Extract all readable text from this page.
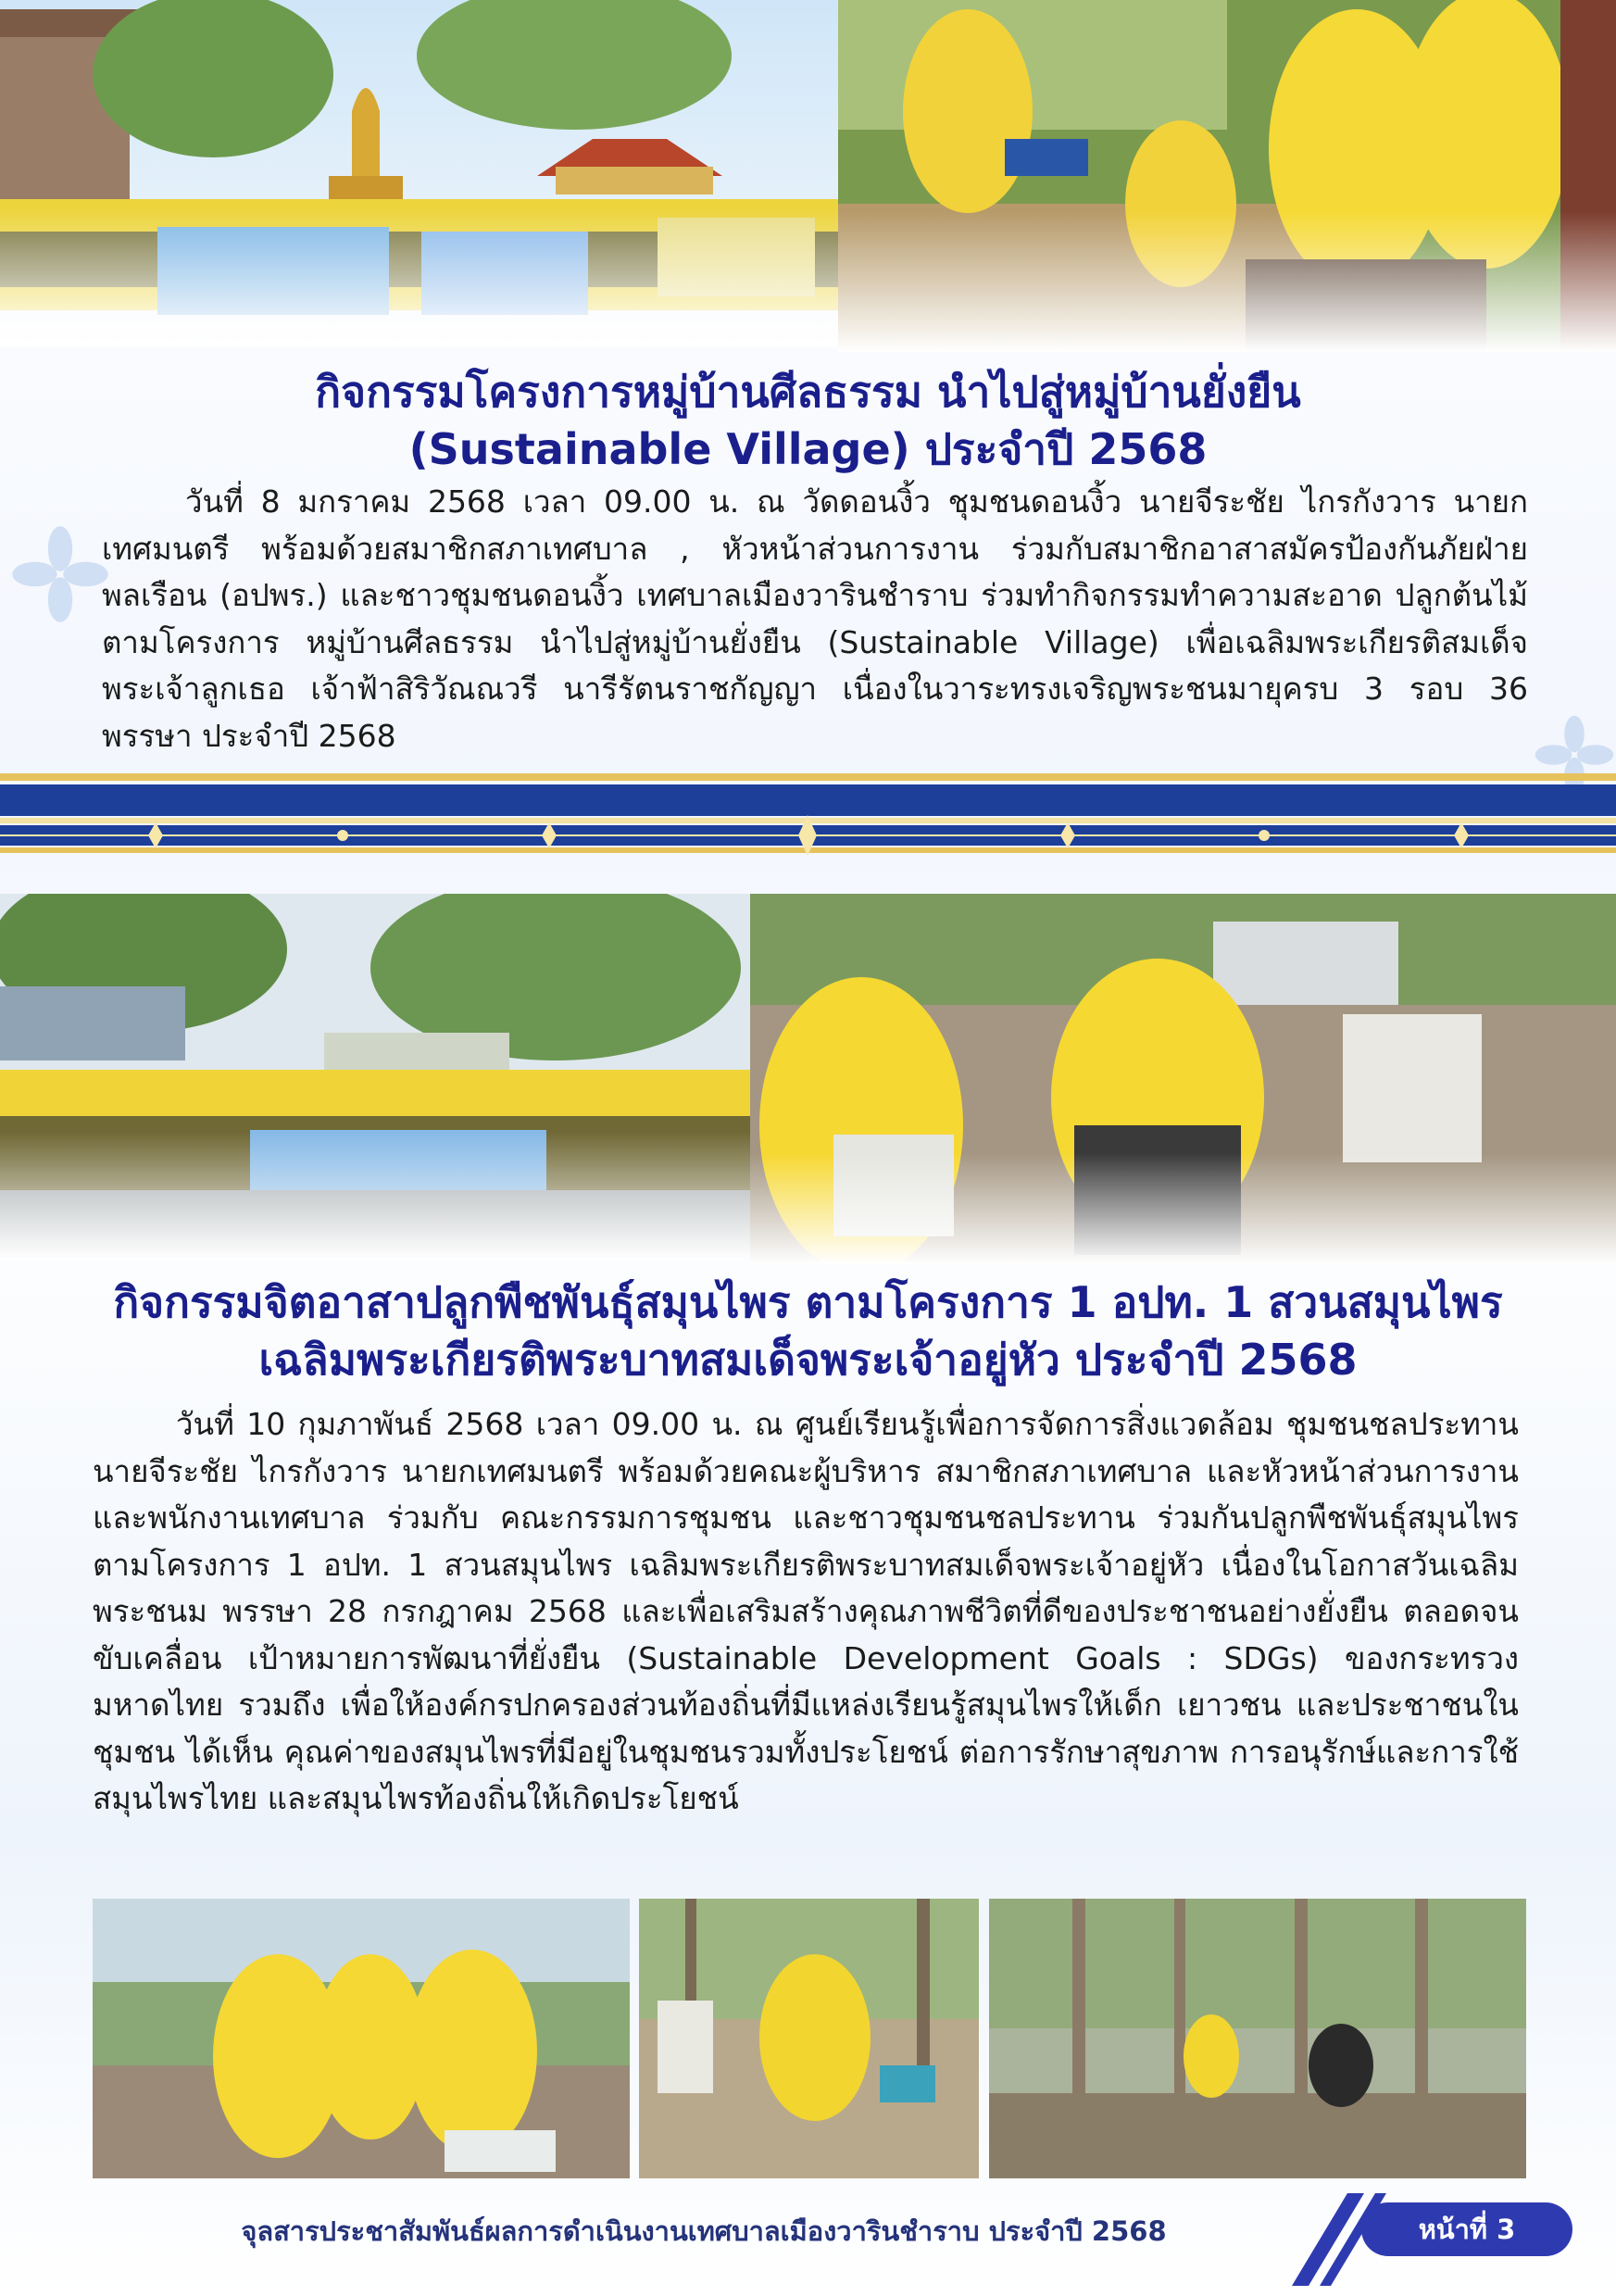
กิจกรรมโครงการหมู่บ้านศีลธรรม นำไปสู่หมู่บ้านยั่งยืน
(Sustainable Village) ประจำปี 2568

วันที่ 8 มกราคม 2568 เวลา 09.00 น. ณ วัดดอนงิ้ว ชุมชนดอนงิ้ว นายจีระชัย ไกรกังวาร นายกเทศมนตรี พร้อมด้วยสมาชิกสภาเทศบาล , หัวหน้าส่วนการงาน ร่วมกับสมาชิกอาสาสมัครป้องกันภัยฝ่ายพลเรือน (อปพร.) และชาวชุมชนดอนงิ้ว เทศบาลเมืองวารินชำราบ ร่วมทำกิจกรรมทำความสะอาด ปลูกต้นไม้ ตามโครงการ หมู่บ้านศีลธรรม นำไปสู่หมู่บ้านยั่งยืน (Sustainable Village) เพื่อเฉลิมพระเกียรติสมเด็จพระเจ้าลูกเธอ เจ้าฟ้าสิริวัณณวรี นารีรัตนราชกัญญา เนื่องในวาระทรงเจริญพระชนมายุครบ 3 รอบ 36 พรรษา ประจำปี 2568

กิจกรรมจิตอาสาปลูกพืชพันธุ์สมุนไพร ตามโครงการ 1 อปท. 1 สวนสมุนไพร
เฉลิมพระเกียรติพระบาทสมเด็จพระเจ้าอยู่หัว ประจำปี 2568

วันที่ 10 กุมภาพันธ์ 2568 เวลา 09.00 น. ณ ศูนย์เรียนรู้เพื่อการจัดการสิ่งแวดล้อม ชุมชนชลประทาน นายจีระชัย ไกรกังวาร นายกเทศมนตรี พร้อมด้วยคณะผู้บริหาร สมาชิกสภาเทศบาล และหัวหน้าส่วนการงาน และพนักงานเทศบาล ร่วมกับ คณะกรรมการชุมชน และชาวชุมชนชลประทาน ร่วมกันปลูกพืชพันธุ์สมุนไพร ตามโครงการ 1 อปท. 1 สวนสมุนไพร เฉลิมพระเกียรติพระบาทสมเด็จพระเจ้าอยู่หัว เนื่องในโอกาสวันเฉลิมพระชนม พรรษา 28 กรกฎาคม 2568 และเพื่อเสริมสร้างคุณภาพชีวิตที่ดีของประชาชนอย่างยั่งยืน ตลอดจนขับเคลื่อน เป้าหมายการพัฒนาที่ยั่งยืน (Sustainable Development Goals : SDGs) ของกระทรวงมหาดไทย รวมถึง เพื่อให้องค์กรปกครองส่วนท้องถิ่นที่มีแหล่งเรียนรู้สมุนไพรให้เด็ก เยาวชน และประชาชนในชุมชน ได้เห็น คุณค่าของสมุนไพรที่มีอยู่ในชุมชนรวมทั้งประโยชน์ ต่อการรักษาสุขภาพ การอนุรักษ์และการใช้สมุนไพรไทย และสมุนไพรท้องถิ่นให้เกิดประโยชน์

จุลสารประชาสัมพันธ์ผลการดำเนินงานเทศบาลเมืองวารินชำราบ ประจำปี 2568	หน้าที่ 3
